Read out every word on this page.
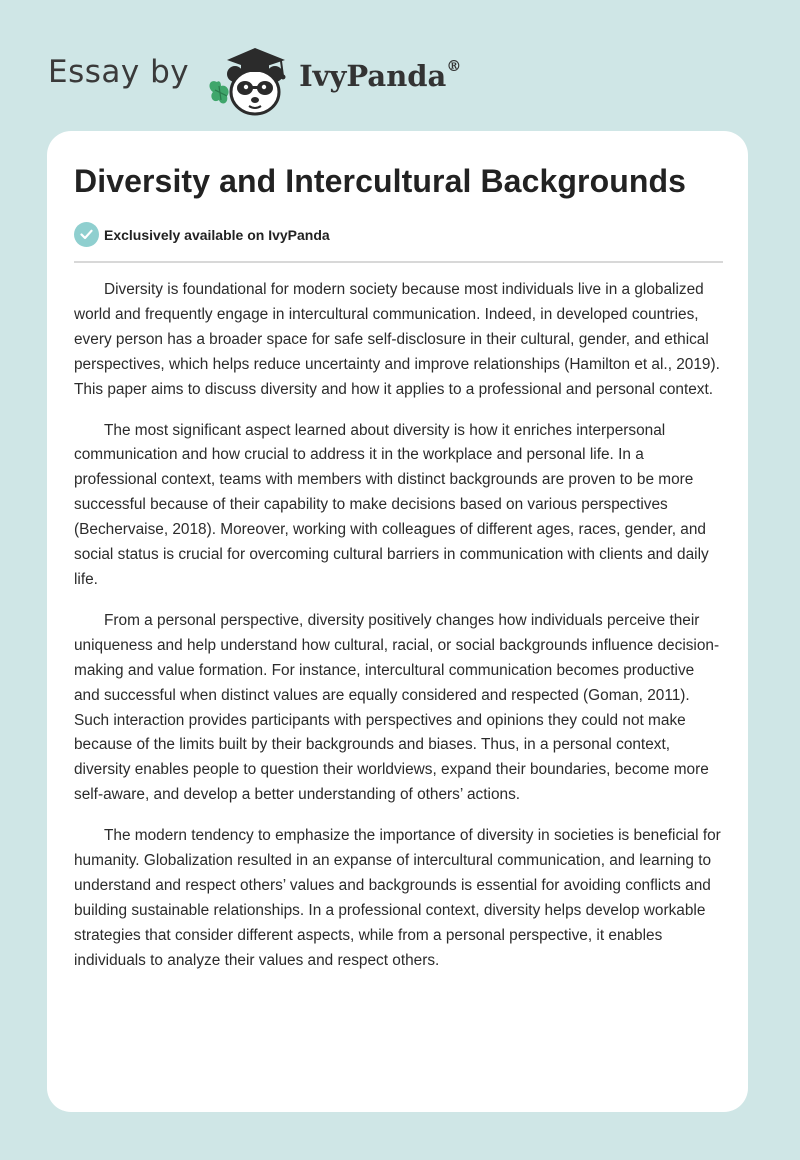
Essay by	IvyPanda®
Diversity and Intercultural Backgrounds
Exclusively available on IvyPanda

Diversity is foundational for modern society because most individuals live in a globalized world and frequently engage in intercultural communication. Indeed, in developed countries, every person has a broader space for safe self-disclosure in their cultural, gender, and ethical perspectives, which helps reduce uncertainty and improve relationships (Hamilton et al., 2019). This paper aims to discuss diversity and how it applies to a professional and personal context.

The most significant aspect learned about diversity is how it enriches interpersonal communication and how crucial to address it in the workplace and personal life. In a professional context, teams with members with distinct backgrounds are proven to be more successful because of their capability to make decisions based on various perspectives (Bechervaise, 2018). Moreover, working with colleagues of different ages, races, gender, and social status is crucial for overcoming cultural barriers in communication with clients and daily life.

From a personal perspective, diversity positively changes how individuals perceive their uniqueness and help understand how cultural, racial, or social backgrounds influence decision-making and value formation. For instance, intercultural communication becomes productive and successful when distinct values are equally considered and respected (Goman, 2011). Such interaction provides participants with perspectives and opinions they could not make because of the limits built by their backgrounds and biases. Thus, in a personal context, diversity enables people to question their worldviews, expand their boundaries, become more self-aware, and develop a better understanding of others’ actions.

The modern tendency to emphasize the importance of diversity in societies is beneficial for humanity. Globalization resulted in an expanse of intercultural communication, and learning to understand and respect others’ values and backgrounds is essential for avoiding conflicts and building sustainable relationships. In a professional context, diversity helps develop workable strategies that consider different aspects, while from a personal perspective, it enables individuals to analyze their values and respect others.
